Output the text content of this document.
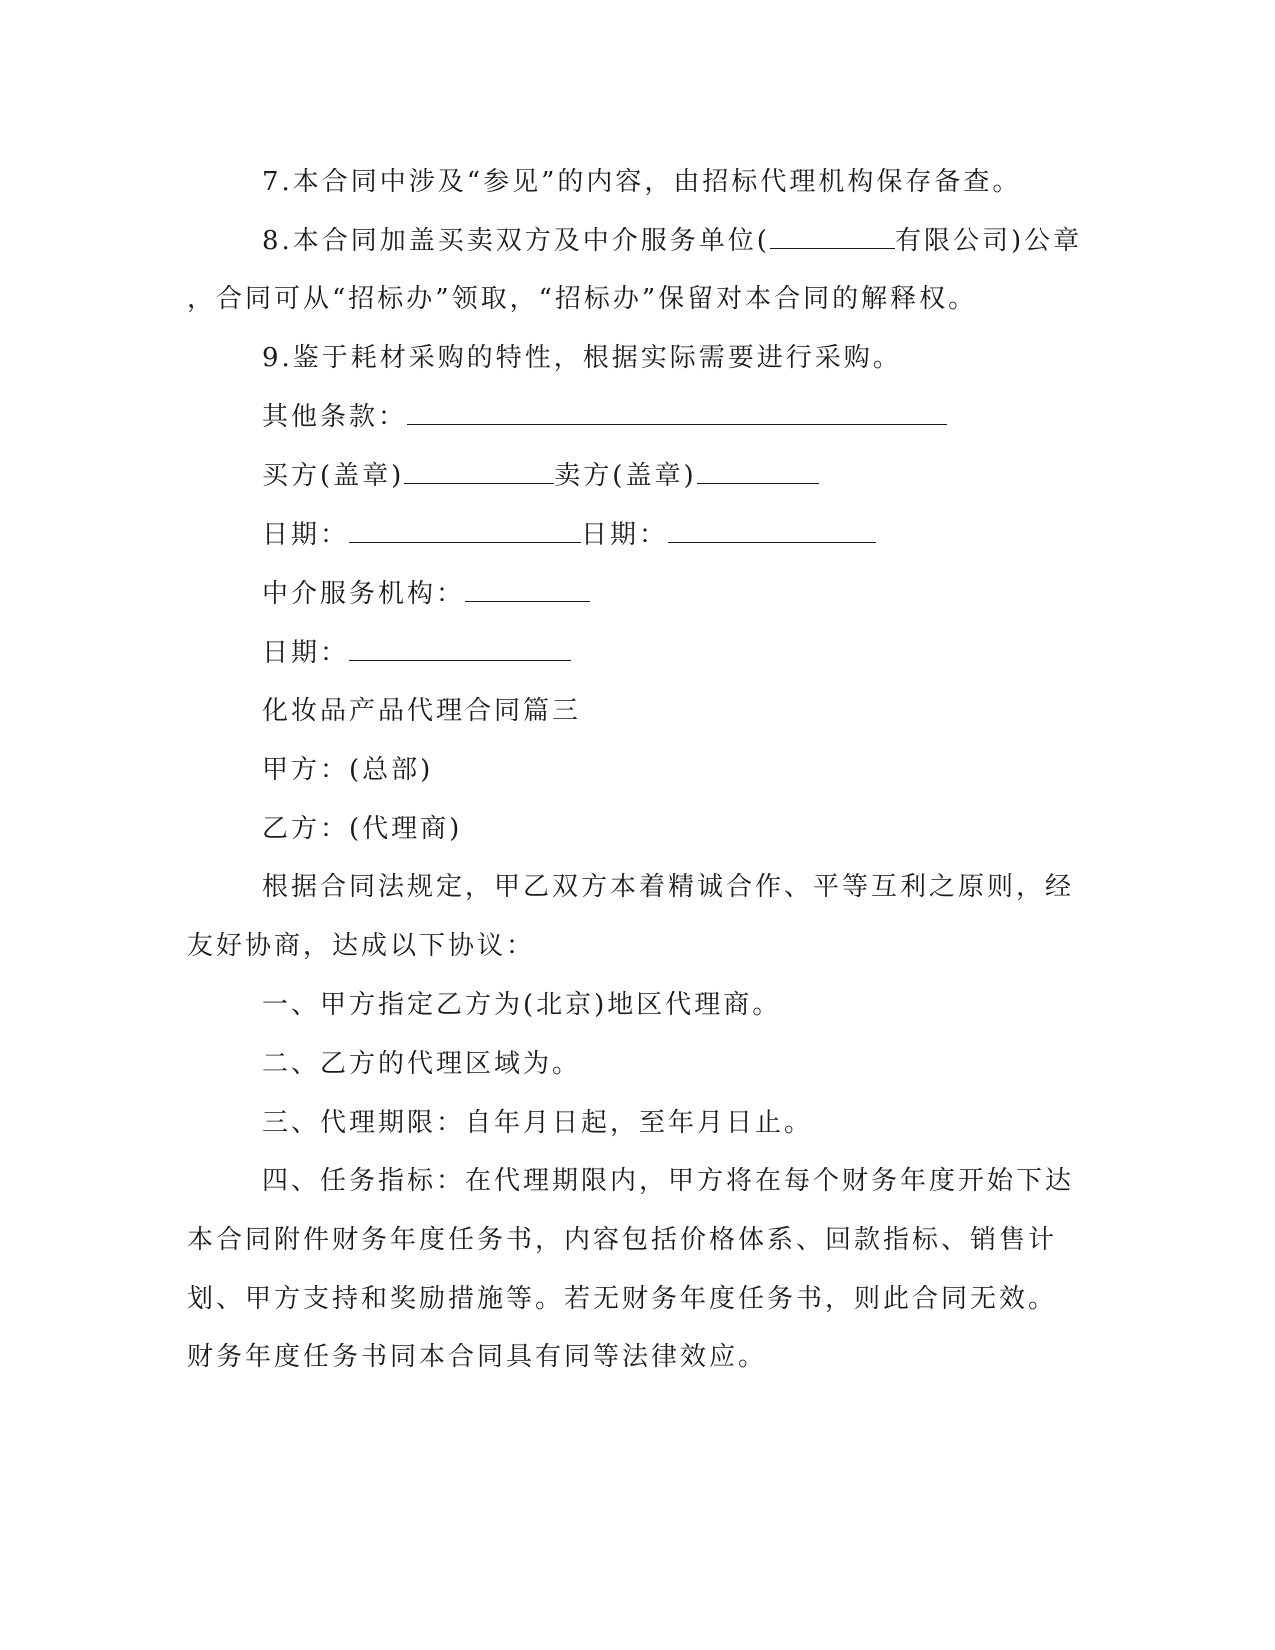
7.本合同中涉及“参见”的内容，由招标代理机构保存备查。
8.本合同加盖买卖双方及中介服务单位(	有限公司)公章
，合同可从“招标办”领取，“招标办”保留对本合同的解释权。
9.鉴于耗材采购的特性，根据实际需要进行采购。
其他条款：
买方(盖章)	卖方(盖章)
日期：	日期：
中介服务机构：
日期：
化妆品产品代理合同篇三
甲方：(总部)
乙方：(代理商)
根据合同法规定，甲乙双方本着精诚合作、平等互利之原则，经
友好协商，达成以下协议：
一、甲方指定乙方为(北京)地区代理商。
二、乙方的代理区域为。
三、代理期限：自年月日起，至年月日止。
四、任务指标：在代理期限内，甲方将在每个财务年度开始下达
本合同附件财务年度任务书，内容包括价格体系、回款指标、销售计
划、甲方支持和奖励措施等。若无财务年度任务书，则此合同无效。
财务年度任务书同本合同具有同等法律效应。
